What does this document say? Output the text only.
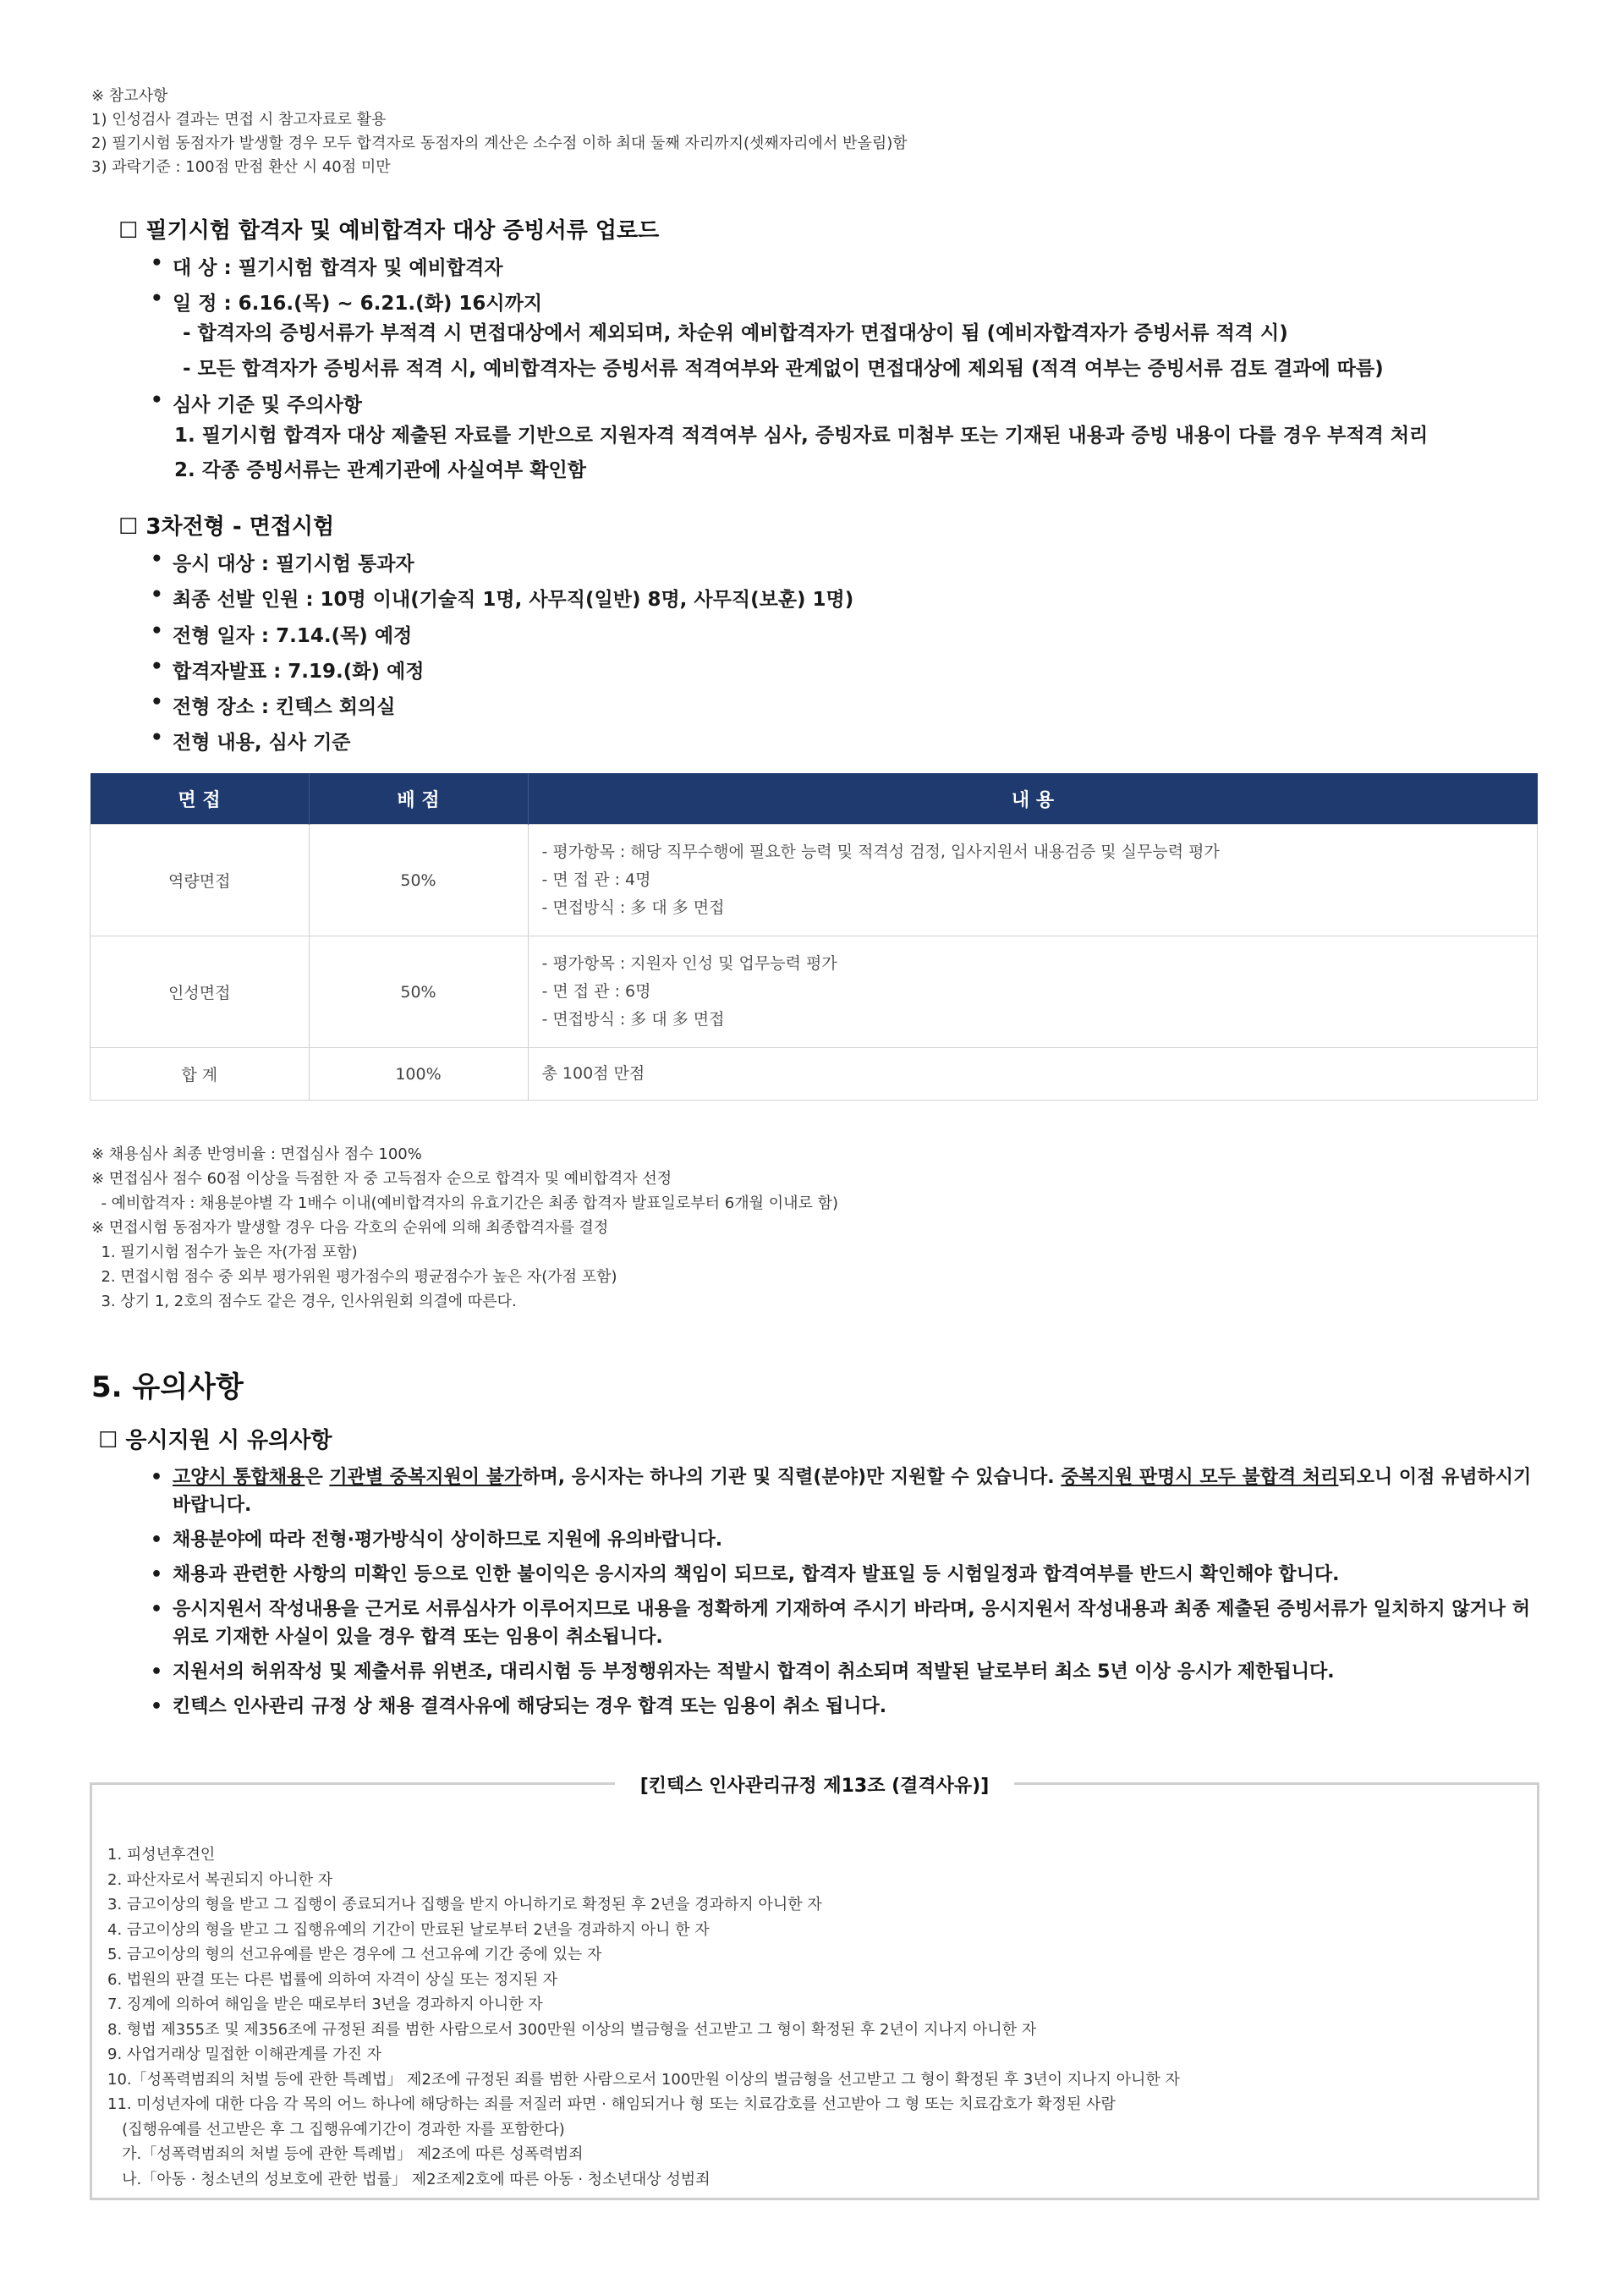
※ 참고사항
1) 인성검사 결과는 면접 시 참고자료로 활용
2) 필기시험 동점자가 발생할 경우 모두 합격자로 동점자의 계산은 소수점 이하 최대 둘째 자리까지(셋째자리에서 반올림)함
3) 과락기준 : 100점 만점 환산 시 40점 미만
☐ 필기시험 합격자 및 예비합격자 대상 증빙서류 업로드
• 대 상 : 필기시험 합격자 및 예비합격자
• 일 정 : 6.16.(목) ~ 6.21.(화) 16시까지
- 합격자의 증빙서류가 부적격 시 면접대상에서 제외되며, 차순위 예비합격자가 면접대상이 됨 (예비자합격자가 증빙서류 적격 시)
- 모든 합격자가 증빙서류 적격 시, 예비합격자는 증빙서류 적격여부와 관계없이 면접대상에 제외됨 (적격 여부는 증빙서류 검토 결과에 따름)
• 심사 기준 및 주의사항
1. 필기시험 합격자 대상 제출된 자료를 기반으로 지원자격 적격여부 심사, 증빙자료 미첨부 또는 기재된 내용과 증빙 내용이 다를 경우 부적격 처리
2. 각종 증빙서류는 관계기관에 사실여부 확인함
☐ 3차전형 - 면접시험
• 응시 대상 : 필기시험 통과자
• 최종 선발 인원 : 10명 이내(기술직 1명, 사무직(일반) 8명, 사무직(보훈) 1명)
• 전형 일자 : 7.14.(목) 예정
• 합격자발표 : 7.19.(화) 예정
• 전형 장소 : 킨텍스 회의실
• 전형 내용, 심사 기준
면 접	배 점	내 용
역량면접	50%	- 평가항목 : 해당 직무수행에 필요한 능력 및 적격성 검정, 입사지원서 내용검증 및 실무능력 평가
- 면 접 관 : 4명
- 면접방식 : 多 대 多 면접

인성면접	50%	- 평가항목 : 지원자 인성 및 업무능력 평가
- 면 접 관 : 6명
- 면접방식 : 多 대 多 면접

합 계	100%	총 100점 만점
※ 채용심사 최종 반영비율 : 면접심사 점수 100%
※ 면접심사 점수 60점 이상을 득점한 자 중 고득점자 순으로 합격자 및 예비합격자 선정
- 예비합격자 : 채용분야별 각 1배수 이내(예비합격자의 유효기간은 최종 합격자 발표일로부터 6개월 이내로 함)
※ 면접시험 동점자가 발생할 경우 다음 각호의 순위에 의해 최종합격자를 결정
1. 필기시험 점수가 높은 자(가점 포함)
2. 면접시험 점수 중 외부 평가위원 평가점수의 평균점수가 높은 자(가점 포함)
3. 상기 1, 2호의 점수도 같은 경우, 인사위원회 의결에 따른다.
5. 유의사항
☐ 응시지원 시 유의사항
• 고양시 통합채용은 기관별 중복지원이 불가하며, 응시자는 하나의 기관 및 직렬(분야)만 지원할 수 있습니다. 중복지원 판명시 모두 불합격 처리되오니 이점 유념하시기 바랍니다.
• 채용분야에 따라 전형·평가방식이 상이하므로 지원에 유의바랍니다.
• 채용과 관련한 사항의 미확인 등으로 인한 불이익은 응시자의 책임이 되므로, 합격자 발표일 등 시험일정과 합격여부를 반드시 확인해야 합니다.
• 응시지원서 작성내용을 근거로 서류심사가 이루어지므로 내용을 정확하게 기재하여 주시기 바라며, 응시지원서 작성내용과 최종 제출된 증빙서류가 일치하지 않거나 허위로 기재한 사실이 있을 경우 합격 또는 임용이 취소됩니다.
• 지원서의 허위작성 및 제출서류 위변조, 대리시험 등 부정행위자는 적발시 합격이 취소되며 적발된 날로부터 최소 5년 이상 응시가 제한됩니다.
• 킨텍스 인사관리 규정 상 채용 결격사유에 해당되는 경우 합격 또는 임용이 취소 됩니다.
[킨텍스 인사관리규정 제13조 (결격사유)]
1. 피성년후견인
2. 파산자로서 복권되지 아니한 자
3. 금고이상의 형을 받고 그 집행이 종료되거나 집행을 받지 아니하기로 확정된 후 2년을 경과하지 아니한 자
4. 금고이상의 형을 받고 그 집행유예의 기간이 만료된 날로부터 2년을 경과하지 아니 한 자
5. 금고이상의 형의 선고유예를 받은 경우에 그 선고유예 기간 중에 있는 자
6. 법원의 판결 또는 다른 법률에 의하여 자격이 상실 또는 정지된 자
7. 징계에 의하여 해임을 받은 때로부터 3년을 경과하지 아니한 자
8. 형법 제355조 및 제356조에 규정된 죄를 범한 사람으로서 300만원 이상의 벌금형을 선고받고 그 형이 확정된 후 2년이 지나지 아니한 자
9. 사업거래상 밀접한 이해관계를 가진 자
10.「성폭력범죄의 처벌 등에 관한 특례법」 제2조에 규정된 죄를 범한 사람으로서 100만원 이상의 벌금형을 선고받고 그 형이 확정된 후 3년이 지나지 아니한 자
11. 미성년자에 대한 다음 각 목의 어느 하나에 해당하는 죄를 저질러 파면 · 해임되거나 형 또는 치료감호를 선고받아 그 형 또는 치료감호가 확정된 사람
(집행유예를 선고받은 후 그 집행유예기간이 경과한 자를 포함한다)
가.「성폭력범죄의 처벌 등에 관한 특례법」 제2조에 따른 성폭력범죄
나.「아동 · 청소년의 성보호에 관한 법률」 제2조제2호에 따른 아동 · 청소년대상 성범죄
